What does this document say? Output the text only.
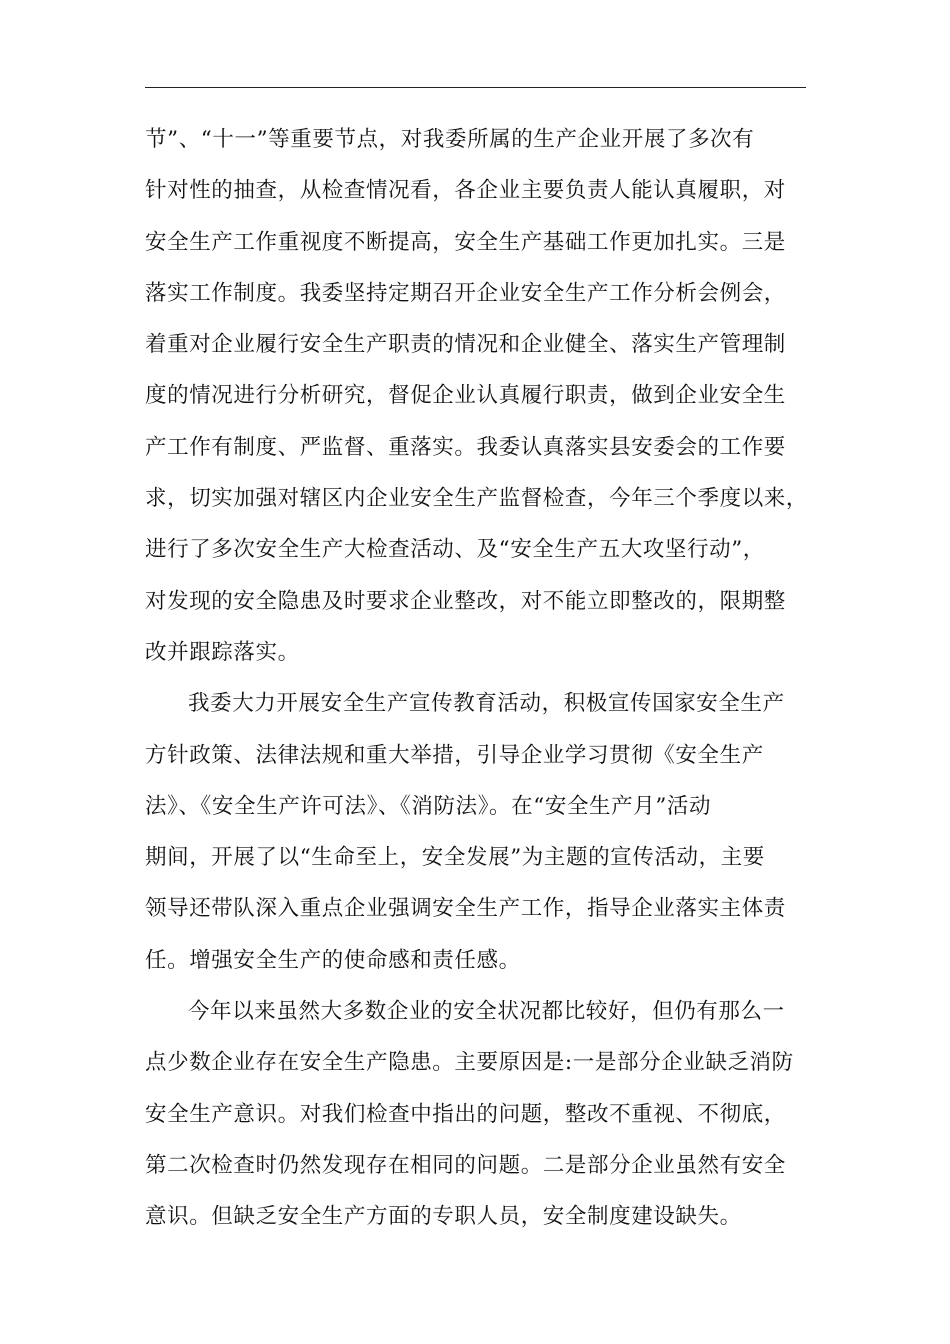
节”、“十一”等重要节点，对我委所属的生产企业开展了多次有
针对性的抽查，从检查情况看，各企业主要负责人能认真履职，对
安全生产工作重视度不断提高，安全生产基础工作更加扎实。三是
落实工作制度。我委坚持定期召开企业安全生产工作分析会例会，
着重对企业履行安全生产职责的情况和企业健全、落实生产管理制
度的情况进行分析研究，督促企业认真履行职责，做到企业安全生
产工作有制度、严监督、重落实。我委认真落实县安委会的工作要
求，切实加强对辖区内企业安全生产监督检查，今年三个季度以来，
进行了多次安全生产大检查活动、及“安全生产五大攻坚行动”，
对发现的安全隐患及时要求企业整改，对不能立即整改的，限期整
改并跟踪落实。
我委大力开展安全生产宣传教育活动，积极宣传国家安全生产
方针政策、法律法规和重大举措，引导企业学习贯彻《安全生产
法》、《安全生产许可法》、《消防法》。在“安全生产月”活动
期间，开展了以“生命至上，安全发展”为主题的宣传活动，主要
领导还带队深入重点企业强调安全生产工作，指导企业落实主体责
任。增强安全生产的使命感和责任感。
今年以来虽然大多数企业的安全状况都比较好，但仍有那么一
点少数企业存在安全生产隐患。主要原因是:一是部分企业缺乏消防
安全生产意识。对我们检查中指出的问题，整改不重视、不彻底，
第二次检查时仍然发现存在相同的问题。二是部分企业虽然有安全
意识。但缺乏安全生产方面的专职人员，安全制度建设缺失。
